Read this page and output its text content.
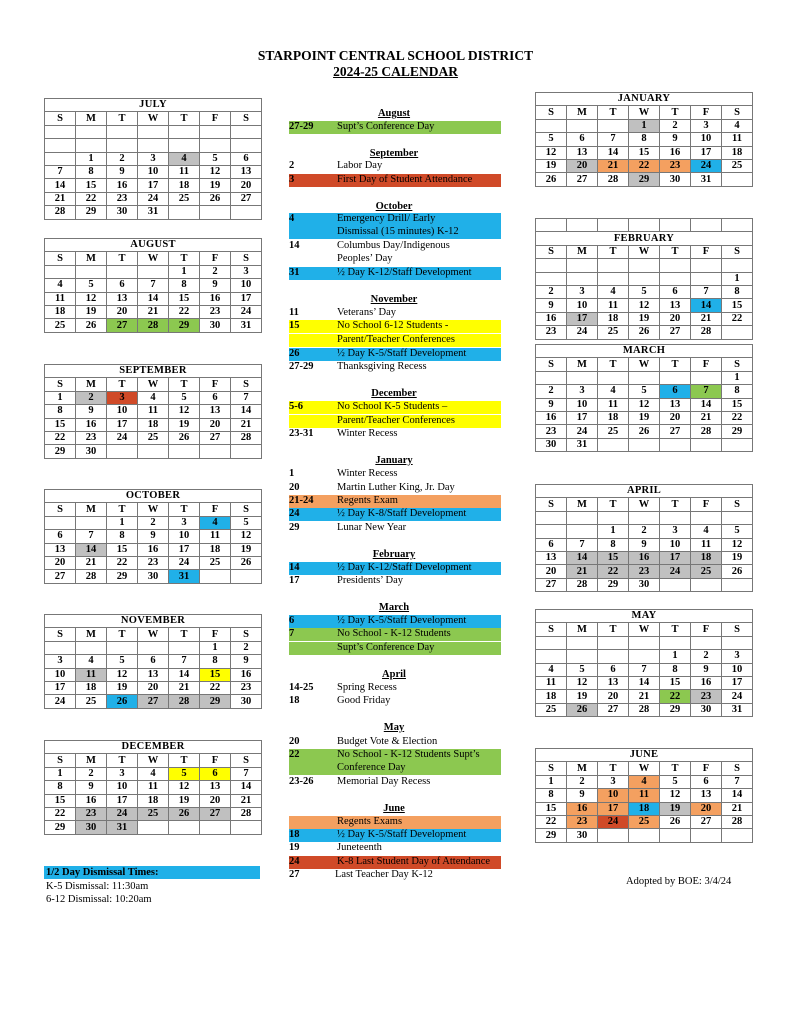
STARPOINT CENTRAL SCHOOL DISTRICT
2024-25 CALENDAR
JULY						
S	M	T	W	T	F	S

	1	2	3	4	5	6
7	8	9	10	11	12	13
14	15	16	17	18	19	20
21	22	23	24	25	26	27
28	29	30	31			
AUGUST						
S	M	T	W	T	F	S
				1	2	3
4	5	6	7	8	9	10
11	12	13	14	15	16	17
18	19	20	21	22	23	24
25	26	27	28	29	30	31
SEPTEMBER						
S	M	T	W	T	F	S
1	2	3	4	5	6	7
8	9	10	11	12	13	14
15	16	17	18	19	20	21
22	23	24	25	26	27	28
29	30					
OCTOBER						
S	M	T	W	T	F	S
		1	2	3	4	5
6	7	8	9	10	11	12
13	14	15	16	17	18	19
20	21	22	23	24	25	26
27	28	29	30	31		
NOVEMBER						
S	M	T	W	T	F	S
					1	2
3	4	5	6	7	8	9
10	11	12	13	14	15	16
17	18	19	20	21	22	23
24	25	26	27	28	29	30
DECEMBER						
S	M	T	W	T	F	S
1	2	3	4	5	6	7
8	9	10	11	12	13	14
15	16	17	18	19	20	21
22	23	24	25	26	27	28
29	30	31				
JANUARY						
S	M	T	W	T	F	S
			1	2	3	4
5	6	7	8	9	10	11
12	13	14	15	16	17	18
19	20	21	22	23	24	25
26	27	28	29	30	31	

FEBRUARY						
S	M	T	W	T	F	S

						1
2	3	4	5	6	7	8
9	10	11	12	13	14	15
16	17	18	19	20	21	22
23	24	25	26	27	28	
MARCH						
S	M	T	W	T	F	S
						1
2	3	4	5	6	7	8
9	10	11	12	13	14	15
16	17	18	19	20	21	22
23	24	25	26	27	28	29
30	31					
APRIL						
S	M	T	W	T	F	S

		1	2	3	4	5
6	7	8	9	10	11	12
13	14	15	16	17	18	19
20	21	22	23	24	25	26
27	28	29	30			
MAY						
S	M	T	W	T	F	S

				1	2	3
4	5	6	7	8	9	10
11	12	13	14	15	16	17
18	19	20	21	22	23	24
25	26	27	28	29	30	31
JUNE						
S	M	T	W	T	F	S
1	2	3	4	5	6	7
8	9	10	11	12	13	14
15	16	17	18	19	20	21
22	23	24	25	26	27	28
29	30					
August
27-29	Supt’s Conference Day
September
2	Labor Day
3	First Day of Student Attendance
October
4	Emergency Drill/ Early
Dismissal (15 minutes) K-12
14	Columbus Day/Indigenous
Peoples’ Day
31	½ Day K-12/Staff Development
November
11	Veterans’ Day
15	No School 6-12 Students -
Parent/Teacher Conferences
26	½ Day K-5/Staff Development
27-29	Thanksgiving Recess
December
5-6	No School K-5 Students –
Parent/Teacher Conferences
23-31	Winter Recess
January
1	Winter Recess
20	Martin Luther King, Jr. Day
21-24	Regents Exam
24	½ Day K-8/Staff Development
29	Lunar New Year
February
14	½ Day K-12/Staff Development
17	Presidents’ Day
March
6	½ Day K-5/Staff Development
7	No School - K-12 Students
Supt’s Conference Day
April
14-25	Spring Recess
18	Good Friday
May
20	Budget Vote & Election
22	No School - K-12 Students Supt’s
Conference Day
23-26	Memorial Day Recess
June
Regents Exams
18	½ Day K-5/Staff Development
19	Juneteenth
24	K-8 Last Student Day of Attendance
27	Last Teacher Day K-12
1/2 Day Dismissal Times:
K-5 Dismissal: 11:30am
6-12 Dismissal: 10:20am
Adopted by BOE: 3/4/24
